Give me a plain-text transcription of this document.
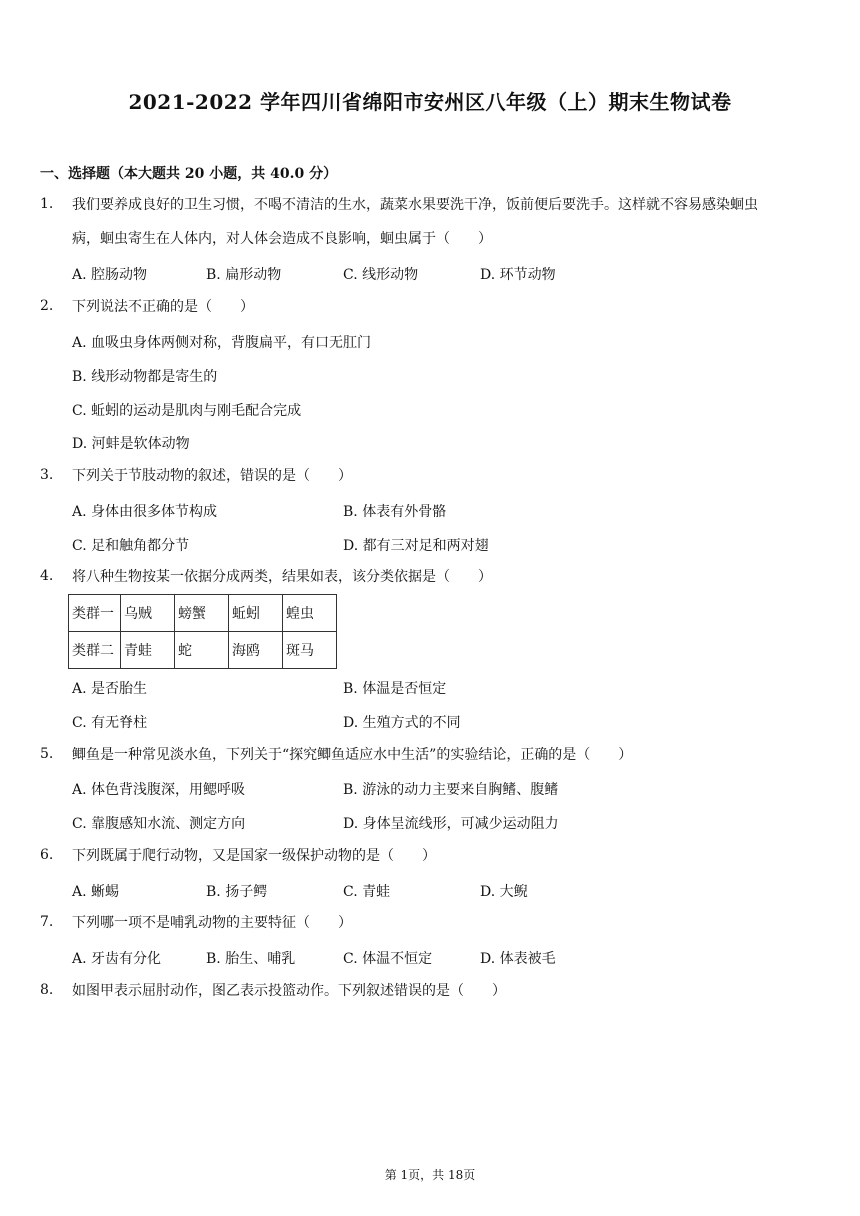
2021-2022 学年四川省绵阳市安州区八年级（上）期末生物试卷
一、选择题（本大题共 20 小题，共 40.0 分）
1. 我们要养成良好的卫生习惯，不喝不清洁的生水，蔬菜水果要洗干净，饭前便后要洗手。这样就不容易感染蛔虫
病，蛔虫寄生在人体内，对人体会造成不良影响，蛔虫属于（　　）
A. 腔肠动物	B. 扁形动物	C. 线形动物	D. 环节动物
2. 下列说法不正确的是（　　）
A. 血吸虫身体两侧对称，背腹扁平，有口无肛门
B. 线形动物都是寄生的
C. 蚯蚓的运动是肌肉与刚毛配合完成
D. 河蚌是软体动物
3. 下列关于节肢动物的叙述，错误的是（　　）
A. 身体由很多体节构成	B. 体表有外骨骼
C. 足和触角都分节	D. 都有三对足和两对翅
4. 将八种生物按某一依据分成两类，结果如表，该分类依据是（　　）
类群一	乌贼	螃蟹	蚯蚓	蝗虫
类群二	青蛙	蛇	海鸥	斑马
A. 是否胎生	B. 体温是否恒定
C. 有无脊柱	D. 生殖方式的不同
5. 鲫鱼是一种常见淡水鱼，下列关于“探究鲫鱼适应水中生活”的实验结论，正确的是（　　）
A. 体色背浅腹深，用鳃呼吸	B. 游泳的动力主要来自胸鳍、腹鳍
C. 靠腹感知水流、测定方向	D. 身体呈流线形，可减少运动阻力
6. 下列既属于爬行动物，又是国家一级保护动物的是（　　）
A. 蜥蜴	B. 扬子鳄	C. 青蛙	D. 大鲵
7. 下列哪一项不是哺乳动物的主要特征（　　）
A. 牙齿有分化	B. 胎生、哺乳	C. 体温不恒定	D. 体表被毛
8. 如图甲表示屈肘动作，图乙表示投篮动作。下列叙述错误的是（　　）
第 1页，共 18页
